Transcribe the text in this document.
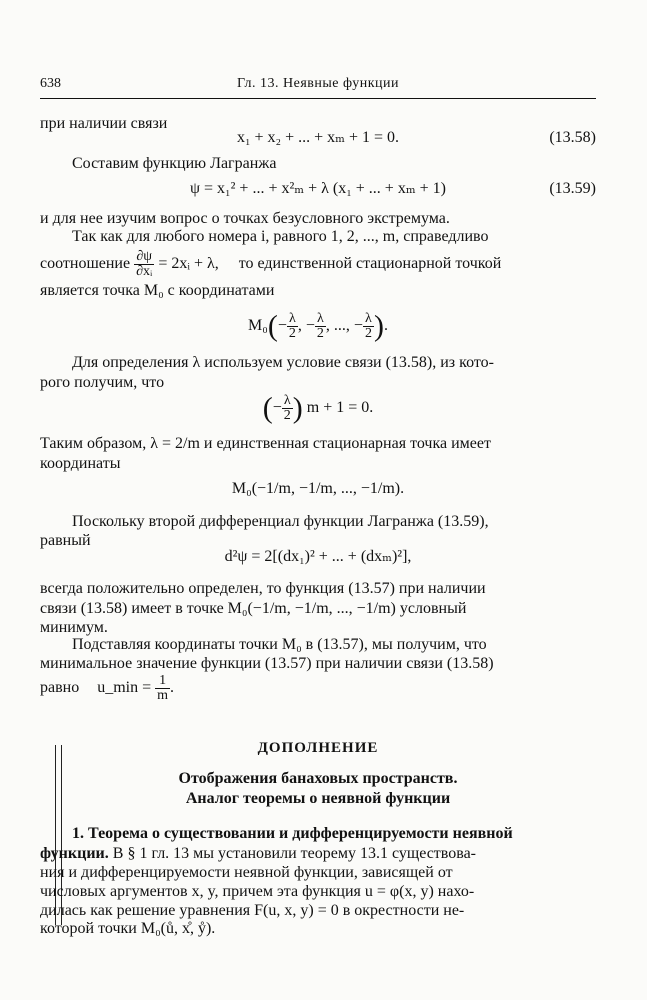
638	Гл. 13. Неявные функции
при наличии связи
x₁ + x₂ + ... + xₘ + 1 = 0.	(13.58)
Составим функцию Лагранжа
ψ = x₁² + ... + x²ₘ + λ (x₁ + ... + xₘ + 1)	(13.59)
и для нее изучим вопрос о точках безусловного экстремума.
Так как для любого номера i, равного 1, 2, ..., m, справедливо
соотношение $\frac{\partial\psi}{\text{∂xᵢ}}$ = 2xᵢ + λ, то единственной стационарной точкой
является точка M₀ с координатами
$M_0(- \frac{\lambda}{2}$ , − $\frac{\lambda}{2}$ , ..., − $\frac{\lambda}{2}$ ).
Для определения λ используем условие связи (13.58), из кото-
рого получим, что
(− $\frac{\lambda}{2}$ ) m + 1 = 0.
Таким образом, λ = 2/m и единственная стационарная точка имеет
координаты
M₀(−1/m, −1/m, ..., −1/m).
Поскольку второй дифференциал функции Лагранжа (13.59),
равный
d²ψ = 2[(dx₁)² + ... + (dxₘ)²],
всегда положительно определен, то функция (13.57) при наличии
связи (13.58) имеет в точке M₀(−1/m, −1/m, ..., −1/m) условный
минимум.
Подставляя координаты точки M₀ в (13.57), мы получим, что
минимальное значение функции (13.57) при наличии связи (13.58)
равно u_min = $\frac{1}{m}$ .
ДОПОЛНЕНИЕ
Отображения банаховых пространств.
Аналог теоремы о неявной функции
1. Теорема о существовании и дифференцируемости неявной
функции. В § 1 гл. 13 мы установили теорему 13.1 существова-
ния и дифференцируемости неявной функции, зависящей от
числовых аргументов x, y, причем эта функция u = φ(x, y) нахо-
дилась как решение уравнения F(u, x, y) = 0 в окрестности не-
которой точки M₀(ů, x̊, ẙ).
